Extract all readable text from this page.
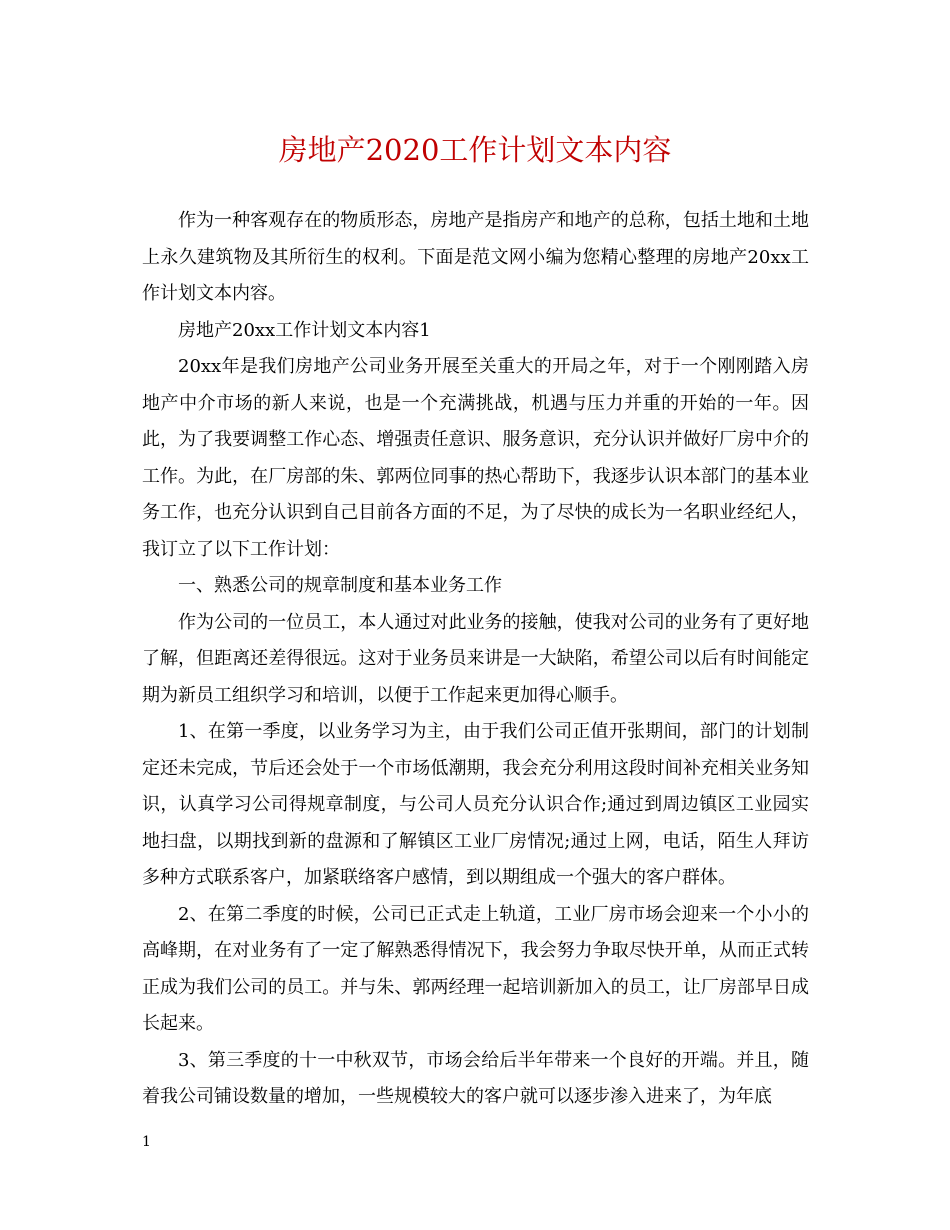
房地产2020工作计划文本内容

作为一种客观存在的物质形态，房地产是指房产和地产的总称，包括土地和土地上永久建筑物及其所衍生的权利。下面是范文网小编为您精心整理的房地产20xx工作计划文本内容。

房地产20xx工作计划文本内容1

20xx年是我们房地产公司业务开展至关重大的开局之年，对于一个刚刚踏入房地产中介市场的新人来说，也是一个充满挑战，机遇与压力并重的开始的一年。因此，为了我要调整工作心态、增强责任意识、服务意识，充分认识并做好厂房中介的工作。为此，在厂房部的朱、郭两位同事的热心帮助下，我逐步认识本部门的基本业务工作，也充分认识到自己目前各方面的不足，为了尽快的成长为一名职业经纪人，我订立了以下工作计划：

一、熟悉公司的规章制度和基本业务工作

作为公司的一位员工，本人通过对此业务的接触，使我对公司的业务有了更好地了解，但距离还差得很远。这对于业务员来讲是一大缺陷，希望公司以后有时间能定期为新员工组织学习和培训，以便于工作起来更加得心顺手。

1、在第一季度，以业务学习为主，由于我们公司正值开张期间，部门的计划制定还未完成，节后还会处于一个市场低潮期，我会充分利用这段时间补充相关业务知识，认真学习公司得规章制度，与公司人员充分认识合作;通过到周边镇区工业园实地扫盘，以期找到新的盘源和了解镇区工业厂房情况;通过上网，电话，陌生人拜访多种方式联系客户，加紧联络客户感情，到以期组成一个强大的客户群体。

2、在第二季度的时候，公司已正式走上轨道，工业厂房市场会迎来一个小小的高峰期，在对业务有了一定了解熟悉得情况下，我会努力争取尽快开单，从而正式转正成为我们公司的员工。并与朱、郭两经理一起培训新加入的员工，让厂房部早日成长起来。

3、第三季度的十一中秋双节，市场会给后半年带来一个良好的开端。并且，随着我公司铺设数量的增加，一些规模较大的客户就可以逐步渗入进来了，为年底

1
